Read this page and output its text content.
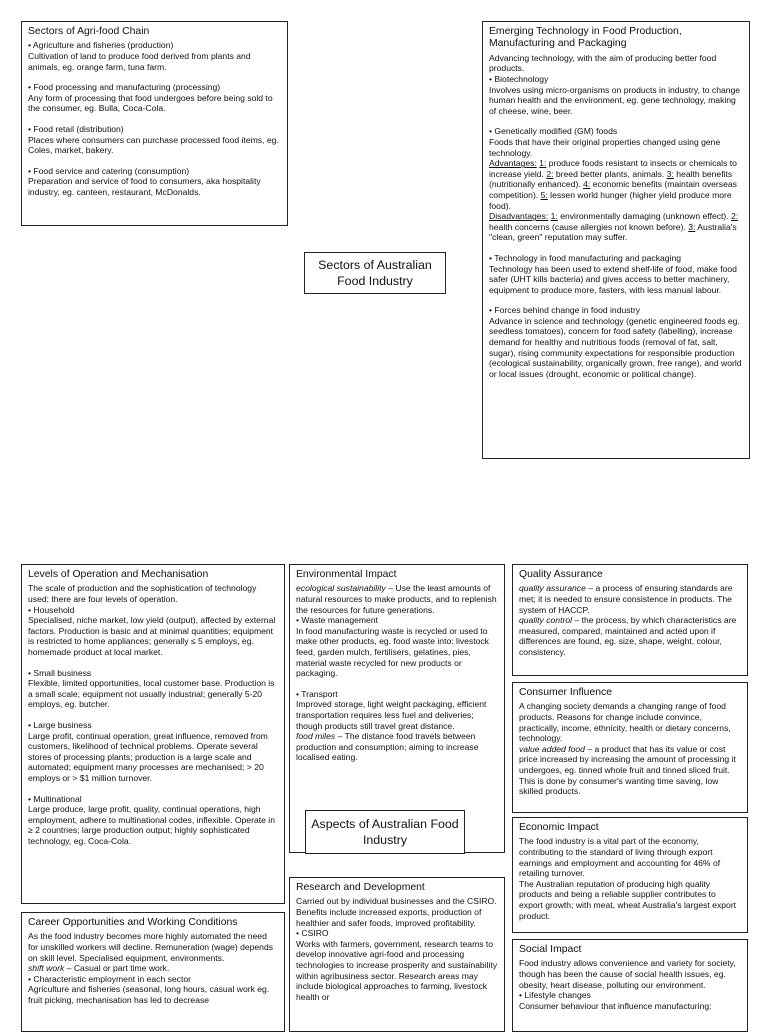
Sectors of Agri-food Chain

• Agriculture and fisheries (production)

Cultivation of land to produce food derived from plants and animals, eg. orange farm, tuna farm.

• Food processing and manufacturing (processing)

Any form of processing that food undergoes before being sold to the consumer, eg. Bulla, Coca-Cola.

• Food retail (distribution)

Places where consumers can purchase processed food items, eg. Coles, market, bakery.

• Food service and catering (consumption)

Preparation and service of food to consumers, aka hospitality industry, eg. canteen, restaurant, McDonalds.

Sectors of Australian Food Industry
Emerging Technology in Food Production, Manufacturing and Packaging

Advancing technology, with the aim of producing better food products.

• Biotechnology

Involves using micro-organisms on products in industry, to change human health and the environment, eg. gene technology, making of cheese, wine, beer.

• Genetically modified (GM) foods

Foods that have their original properties changed using gene technology.

Advantages: 1: produce foods resistant to insects or chemicals to increase yield. 2: breed better plants, animals. 3: health benefits (nutritionally enhanced). 4: economic benefits (maintain overseas competition). 5: lessen world hunger (higher yield produce more food).

Disadvantages: 1: environmentally damaging (unknown effect). 2: health concerns (cause allergies not known before). 3: Australia's "clean, green" reputation may suffer.

• Technology in food manufacturing and packaging

Technology has been used to extend shelf-life of food, make food safer (UHT kills bacteria) and gives access to better machinery, equipment to produce more, fasters, with less manual labour.

• Forces behind change in food industry

Advance in science and technology (genetic engineered foods eg. seedless tomatoes), concern for food safety (labelling), increase demand for healthy and nutritious foods (removal of fat, salt, sugar), rising community expectations for responsible production (ecological sustainability, organically grown, free range), and world or local issues (drought, economic or political change).

Levels of Operation and Mechanisation

The scale of production and the sophistication of technology used; there are four levels of operation.

• Household

Specialised, niche market, low yield (output), affected by external factors. Production is basic and at minimal quantities; equipment is restricted to home appliances; generally ≤ 5 employs, eg. homemade product at local market.

• Small business

Flexible, limited opportunities, local customer base. Production is a small scale; equipment not usually industrial; generally 5-20 employs, eg. butcher.

• Large business

Large profit, continual operation, great influence, removed from customers, likelihood of technical problems. Operate several stores of processing plants; production is a large scale and automated; equipment many processes are mechanised; > 20 employs or > $1 million turnover.

• Multinational

Large produce, large profit, quality, continual operations, high employment, adhere to multinational codes, inflexible. Operate in ≥ 2 countries; large production output; highly sophisticated technology, eg. Coca-Cola.

Career Opportunities and Working Conditions

As the food industry becomes more highly automated the need for unskilled workers will decline. Remuneration (wage) depends on skill level. Specialised equipment, environments.

shift work – Casual or part time work.

• Characteristic employment in each sector

Agriculture and fisheries (seasonal, long hours, casual work eg. fruit picking, mechanisation has led to decrease

Environmental Impact

ecological sustainability – Use the least amounts of natural resources to make products, and to replenish the resources for future generations.

• Waste management

In food manufacturing waste is recycled or used to make other products, eg. food waste into: livestock feed, garden mulch, fertilisers, gelatines, pies, material waste recycled for new products or packaging.

• Transport

Improved storage, light weight packaging, efficient transportation requires less fuel and deliveries; though products still travel great distance.

food miles – The distance food travels between production and consumption; aiming to increase localised eating.

Aspects of Australian Food Industry
Research and Development

Carried out by individual businesses and the CSIRO. Benefits include increased exports, production of healthier and safer foods, improved profitability.

• CSIRO

Works with farmers, government, research teams to develop innovative agri-food and processing technologies to increase prosperity and sustainability within agribusiness sector. Research areas may include biological approaches to farming, livestock health or

Quality Assurance

quality assurance – a process of ensuring standards are met; it is needed to ensure consistence in products. The system of HACCP.

quality control – the process, by which characteristics are measured, compared, maintained and acted upon if differences are found, eg. size, shape, weight, colour, consistency.

Consumer Influence

A changing society demands a changing range of food products. Reasons for change include convince, practically, income, ethnicity, health or dietary concerns, technology.

value added food – a product that has its value or cost price increased by increasing the amount of processing it undergoes, eg. tinned whole fruit and tinned sliced fruit. This is done by consumer's wanting time saving, low skilled products.

Economic Impact

The food industry is a vital part of the economy, contributing to the standard of living through export earnings and employment and accounting for 46% of retailing turnover.

The Australian reputation of producing high quality products and being a reliable supplier contributes to export growth; with meat, wheat Australia's largest export product.

Social Impact

Food industry allows convenience and variety for society, though has been the cause of social health issues, eg. obesity, heart disease, polluting our environment.

• Lifestyle changes

Consumer behaviour that influence manufacturing:
